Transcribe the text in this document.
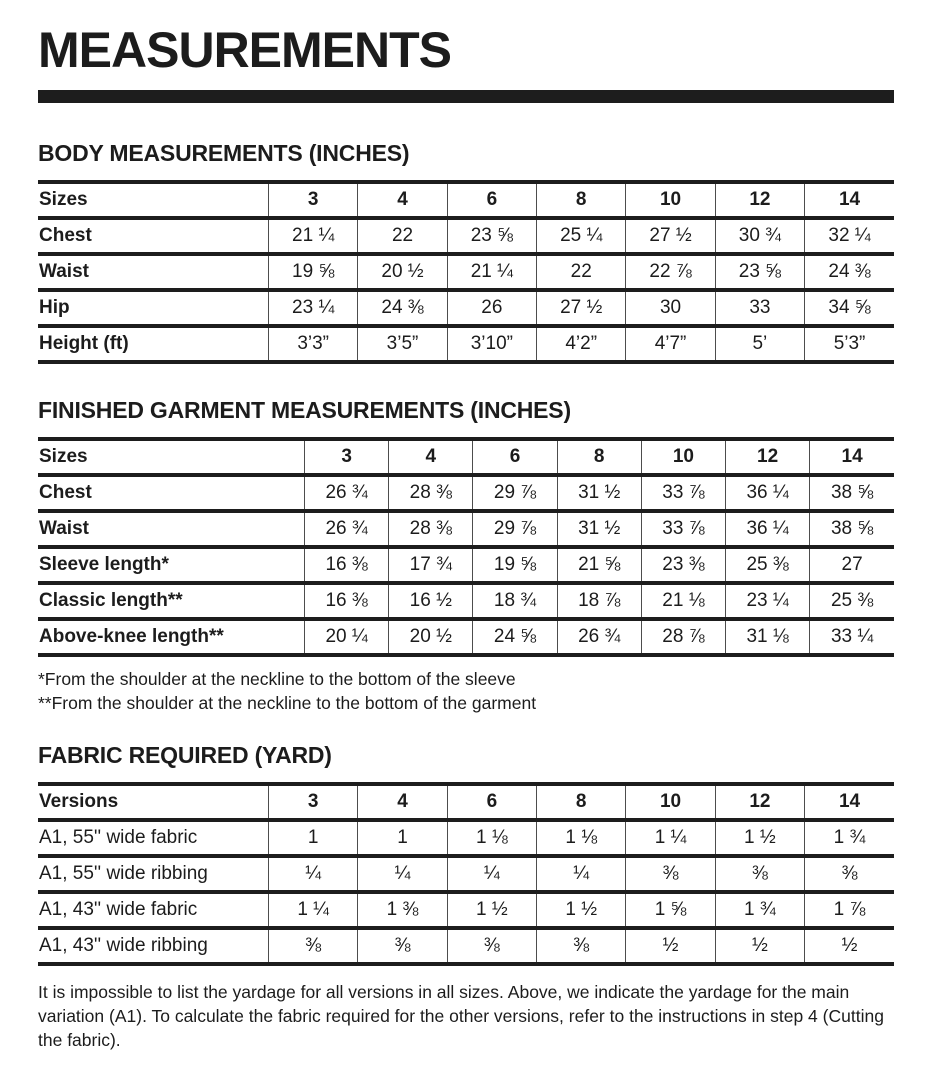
MEASUREMENTS
BODY MEASUREMENTS (INCHES)
Sizes	3	4	6	8	10	12	14
Chest	21 ¼	22	23 ⅝	25 ¼	27 ½	30 ¾	32 ¼
Waist	19 ⅝	20 ½	21 ¼	22	22 ⅞	23 ⅝	24 ⅜
Hip	23 ¼	24 ⅜	26	27 ½	30	33	34 ⅝
Height (ft)	3’3”	3’5”	3’10”	4’2”	4’7”	5’	5’3”
FINISHED GARMENT MEASUREMENTS (INCHES)
Sizes	3	4	6	8	10	12	14
Chest	26 ¾	28 ⅜	29 ⅞	31 ½	33 ⅞	36 ¼	38 ⅝
Waist	26 ¾	28 ⅜	29 ⅞	31 ½	33 ⅞	36 ¼	38 ⅝
Sleeve length*	16 ⅜	17 ¾	19 ⅝	21 ⅝	23 ⅜	25 ⅜	27
Classic length**	16 ⅜	16 ½	18 ¾	18 ⅞	21 ⅛	23 ¼	25 ⅜
Above-knee length**	20 ¼	20 ½	24 ⅝	26 ¾	28 ⅞	31 ⅛	33 ¼
*From the shoulder at the neckline to the bottom of the sleeve
**From the shoulder at the neckline to the bottom of the garment
FABRIC REQUIRED (YARD)
Versions	3	4	6	8	10	12	14
A1, 55'' wide fabric	1	1	1 ⅛	1 ⅛	1 ¼	1 ½	1 ¾
A1, 55'' wide ribbing	¼	¼	¼	¼	⅜	⅜	⅜
A1, 43'' wide fabric	1 ¼	1 ⅜	1 ½	1 ½	1 ⅝	1 ¾	1 ⅞
A1, 43'' wide ribbing	⅜	⅜	⅜	⅜	½	½	½

It is impossible to list the yardage for all versions in all sizes. Above, we indicate the yardage for the main variation (A1). To calculate the fabric required for the other versions, refer to the instructions in step 4 (Cutting the fabric).
